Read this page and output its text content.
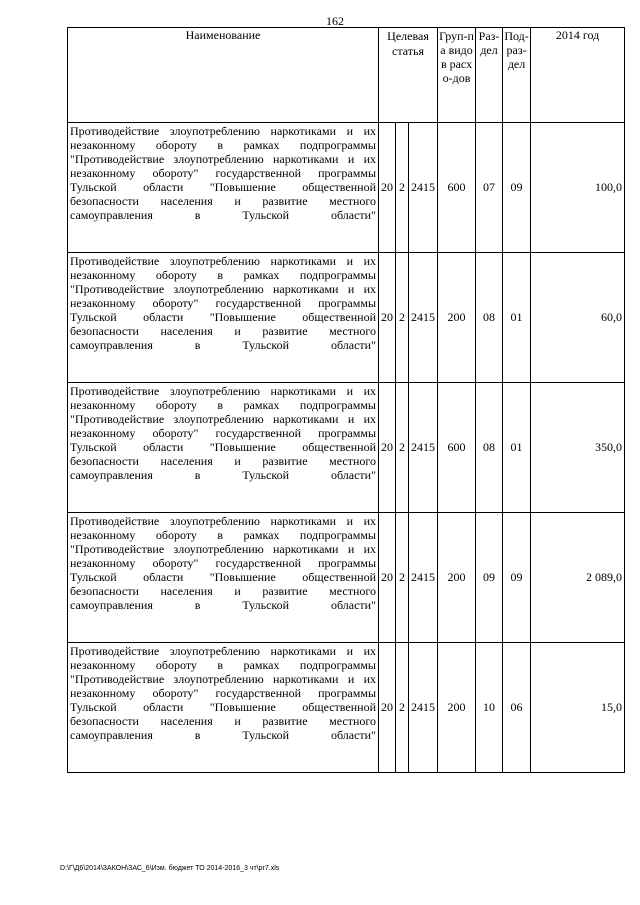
162
Наименование	Целевая статья			Груп-па видов расхо-дов	Раз-дел	Под-раз-дел	2014 год
Противодействие злоупотреблению наркотиками и их незаконному обороту в рамках подпрограммы "Противодействие злоупотреблению наркотиками и их незаконному обороту" государственной программы Тульской области "Повышение общественной безопасности населения и развитие местного самоуправления в Тульской области"	20	2	2415	600	07	09	100,0
Противодействие злоупотреблению наркотиками и их незаконному обороту в рамках подпрограммы "Противодействие злоупотреблению наркотиками и их незаконному обороту" государственной программы Тульской области "Повышение общественной безопасности населения и развитие местного самоуправления в Тульской области"	20	2	2415	200	08	01	60,0
Противодействие злоупотреблению наркотиками и их незаконному обороту в рамках подпрограммы "Противодействие злоупотреблению наркотиками и их незаконному обороту" государственной программы Тульской области "Повышение общественной безопасности населения и развитие местного самоуправления в Тульской области"	20	2	2415	600	08	01	350,0
Противодействие злоупотреблению наркотиками и их незаконному обороту в рамках подпрограммы "Противодействие злоупотреблению наркотиками и их незаконному обороту" государственной программы Тульской области "Повышение общественной безопасности населения и развитие местного самоуправления в Тульской области"	20	2	2415	200	09	09	2 089,0
Противодействие злоупотреблению наркотиками и их незаконному обороту в рамках подпрограммы "Противодействие злоупотреблению наркотиками и их незаконному обороту" государственной программы Тульской области "Повышение общественной безопасности населения и развитие местного самоуправления в Тульской области"	20	2	2415	200	10	06	15,0
D:\Г\Д6\2014\ЗАКОН\ЗАС_6\Изм. бюджет ТО 2014-2016_3 чт\pr7.xls
